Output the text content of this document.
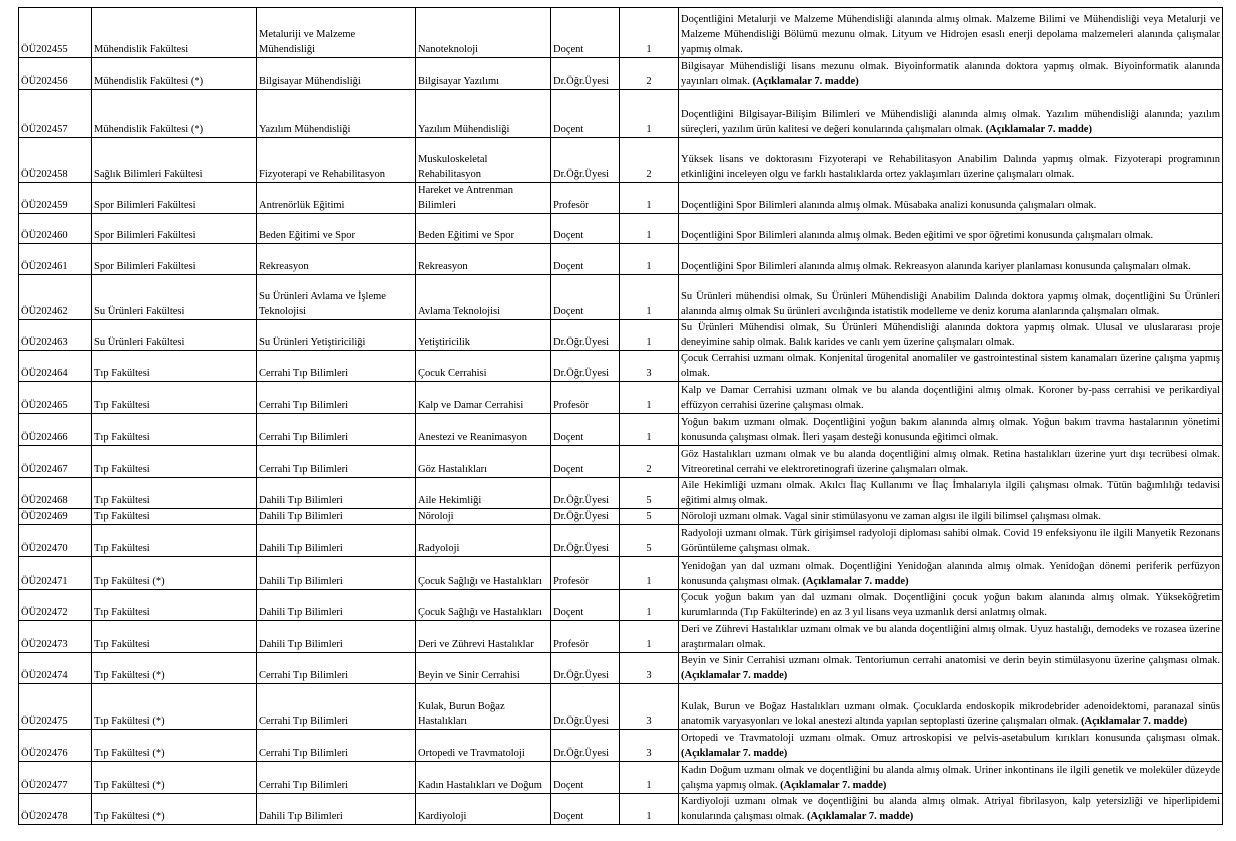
ÖÜ202455	Mühendislik Fakültesi	Metaluriji ve Malzeme Mühendisliği	Nanoteknoloji	Doçent	1	Doçentliğini Metalurji ve Malzeme Mühendisliği alanında almış olmak. Malzeme Bilimi ve Mühendisliği veya Metalurji ve Malzeme Mühendisliği Bölümü mezunu olmak. Lityum ve Hidrojen esaslı enerji depolama malzemeleri alanında çalışmalar yapmış olmak.
ÖÜ202456	Mühendislik Fakültesi (*)	Bilgisayar Mühendisliği	Bilgisayar Yazılımı	Dr.Öğr.Üyesi	2	Bilgisayar Mühendisliği lisans mezunu olmak. Biyoinformatik alanında doktora yapmış olmak. Biyoinformatik alanında yayınları olmak. (Açıklamalar 7. madde)
ÖÜ202457	Mühendislik Fakültesi (*)	Yazılım Mühendisliği	Yazılım Mühendisliği	Doçent	1	Doçentliğini Bilgisayar-Bilişim Bilimleri ve Mühendisliği alanında almış olmak. Yazılım mühendisliği alanında; yazılım süreçleri, yazılım ürün kalitesi ve değeri konularında çalışmaları olmak. (Açıklamalar 7. madde)
ÖÜ202458	Sağlık Bilimleri Fakültesi	Fizyoterapi ve Rehabilitasyon	Muskuloskeletal Rehabilitasyon	Dr.Öğr.Üyesi	2	Yüksek lisans ve doktorasını Fizyoterapi ve Rehabilitasyon Anabilim Dalında yapmış olmak. Fizyoterapi programının etkinliğini inceleyen olgu ve farklı hastalıklarda ortez yaklaşımları üzerine çalışmaları olmak.
ÖÜ202459	Spor Bilimleri Fakültesi	Antrenörlük Eğitimi	Hareket ve Antrenman Bilimleri	Profesör	1	Doçentliğini Spor Bilimleri alanında almış olmak. Müsabaka analizi konusunda çalışmaları olmak.
ÖÜ202460	Spor Bilimleri Fakültesi	Beden Eğitimi ve Spor	Beden Eğitimi ve Spor	Doçent	1	Doçentliğini Spor Bilimleri alanında almış olmak. Beden eğitimi ve spor öğretimi konusunda çalışmaları olmak.
ÖÜ202461	Spor Bilimleri Fakültesi	Rekreasyon	Rekreasyon	Doçent	1	Doçentliğini Spor Bilimleri alanında almış olmak. Rekreasyon alanında kariyer planlaması konusunda çalışmaları olmak.
ÖÜ202462	Su Ürünleri Fakültesi	Su Ürünleri Avlama ve İşleme Teknolojisi	Avlama Teknolojisi	Doçent	1	Su Ürünleri mühendisi olmak, Su Ürünleri Mühendisliği Anabilim Dalında doktora yapmış olmak, doçentliğini Su Ürünleri alanında almış olmak Su ürünleri avcılığında istatistik modelleme ve deniz koruma alanlarında çalışmaları olmak.
ÖÜ202463	Su Ürünleri Fakültesi	Su Ürünleri Yetiştiriciliği	Yetiştiricilik	Dr.Öğr.Üyesi	1	Su Ürünleri Mühendisi olmak, Su Ürünleri Mühendisliği alanında doktora yapmış olmak. Ulusal ve uluslararası proje deneyimine sahip olmak. Balık karides ve canlı yem üzerine çalışmaları olmak.
ÖÜ202464	Tıp Fakültesi	Cerrahi Tıp Bilimleri	Çocuk Cerrahisi	Dr.Öğr.Üyesi	3	Çocuk Cerrahisi uzmanı olmak. Konjenital ürogenital anomaliler ve gastrointestinal sistem kanamaları üzerine çalışma yapmış olmak.
ÖÜ202465	Tıp Fakültesi	Cerrahi Tıp Bilimleri	Kalp ve Damar Cerrahisi	Profesör	1	Kalp ve Damar Cerrahisi uzmanı olmak ve bu alanda doçentliğini almış olmak. Koroner by-pass cerrahisi ve perikardiyal effüzyon cerrahisi üzerine çalışması olmak.
ÖÜ202466	Tıp Fakültesi	Cerrahi Tıp Bilimleri	Anestezi ve Reanimasyon	Doçent	1	Yoğun bakım uzmanı olmak. Doçentliğini yoğun bakım alanında almış olmak. Yoğun bakım travma hastalarının yönetimi konusunda çalışması olmak. İleri yaşam desteği konusunda eğitimci olmak.
ÖÜ202467	Tıp Fakültesi	Cerrahi Tıp Bilimleri	Göz Hastalıkları	Doçent	2	Göz Hastalıkları uzmanı olmak ve bu alanda doçentliğini almış olmak. Retina hastalıkları üzerine yurt dışı tecrübesi olmak. Vitreoretinal cerrahi ve elektroretinografi üzerine çalışmaları olmak.
ÖÜ202468	Tıp Fakültesi	Dahili Tıp Bilimleri	Aile Hekimliği	Dr.Öğr.Üyesi	5	Aile Hekimliği uzmanı olmak. Akılcı İlaç Kullanımı ve İlaç İmhalarıyla ilgili çalışması olmak. Tütün bağımlılığı tedavisi eğitimi almış olmak.
ÖÜ202469	Tıp Fakültesi	Dahili Tıp Bilimleri	Nöroloji	Dr.Öğr.Üyesi	5	Nöroloji uzmanı olmak. Vagal sinir stimülasyonu ve zaman algısı ile ilgili bilimsel çalışması olmak.
ÖÜ202470	Tıp Fakültesi	Dahili Tıp Bilimleri	Radyoloji	Dr.Öğr.Üyesi	5	Radyoloji uzmanı olmak. Türk girişimsel radyoloji diploması sahibi olmak. Covid 19 enfeksiyonu ile ilgili Manyetik Rezonans Görüntüleme çalışması olmak.
ÖÜ202471	Tıp Fakültesi (*)	Dahili Tıp Bilimleri	Çocuk Sağlığı ve Hastalıkları	Profesör	1	Yenidoğan yan dal uzmanı olmak. Doçentliğini Yenidoğan alanında almış olmak. Yenidoğan dönemi periferik perfüzyon konusunda çalışması olmak. (Açıklamalar 7. madde)
ÖÜ202472	Tıp Fakültesi	Dahili Tıp Bilimleri	Çocuk Sağlığı ve Hastalıkları	Doçent	1	Çocuk yoğun bakım yan dal uzmanı olmak. Doçentliğini çocuk yoğun bakım alanında almış olmak. Yükseköğretim kurumlarında (Tıp Fakülterinde) en az 3 yıl lisans veya uzmanlık dersi anlatmış olmak.
ÖÜ202473	Tıp Fakültesi	Dahili Tıp Bilimleri	Deri ve Zührevi Hastalıklar	Profesör	1	Deri ve Zührevi Hastalıklar uzmanı olmak ve bu alanda doçentliğini almış olmak. Uyuz hastalığı, demodeks ve rozasea üzerine araştırmaları olmak.
ÖÜ202474	Tıp Fakültesi (*)	Cerrahi Tıp Bilimleri	Beyin ve Sinir Cerrahisi	Dr.Öğr.Üyesi	3	Beyin ve Sinir Cerrahisi uzmanı olmak. Tentoriumun cerrahi anatomisi ve derin beyin stimülasyonu üzerine çalışması olmak. (Açıklamalar 7. madde)
ÖÜ202475	Tıp Fakültesi (*)	Cerrahi Tıp Bilimleri	Kulak, Burun Boğaz Hastalıkları	Dr.Öğr.Üyesi	3	Kulak, Burun ve Boğaz Hastalıkları uzmanı olmak. Çocuklarda endoskopik mikrodebrider adenoidektomi, paranazal sinüs anatomik varyasyonları ve lokal anestezi altında yapılan septoplasti üzerine çalışmaları olmak. (Açıklamalar 7. madde)
ÖÜ202476	Tıp Fakültesi (*)	Cerrahi Tıp Bilimleri	Ortopedi ve Travmatoloji	Dr.Öğr.Üyesi	3	Ortopedi ve Travmatoloji uzmanı olmak. Omuz artroskopisi ve pelvis-asetabulum kırıkları konusunda çalışması olmak. (Açıklamalar 7. madde)
ÖÜ202477	Tıp Fakültesi (*)	Cerrahi Tıp Bilimleri	Kadın Hastalıkları ve Doğum	Doçent	1	Kadın Doğum uzmanı olmak ve doçentliğini bu alanda almış olmak. Uriner inkontinans ile ilgili genetik ve moleküler düzeyde çalışma yapmış olmak. (Açıklamalar 7. madde)
ÖÜ202478	Tıp Fakültesi (*)	Dahili Tıp Bilimleri	Kardiyoloji	Doçent	1	Kardiyoloji uzmanı olmak ve doçentliğini bu alanda almış olmak. Atriyal fibrilasyon, kalp yetersizliği ve hiperlipidemi konularında çalışması olmak. (Açıklamalar 7. madde)
